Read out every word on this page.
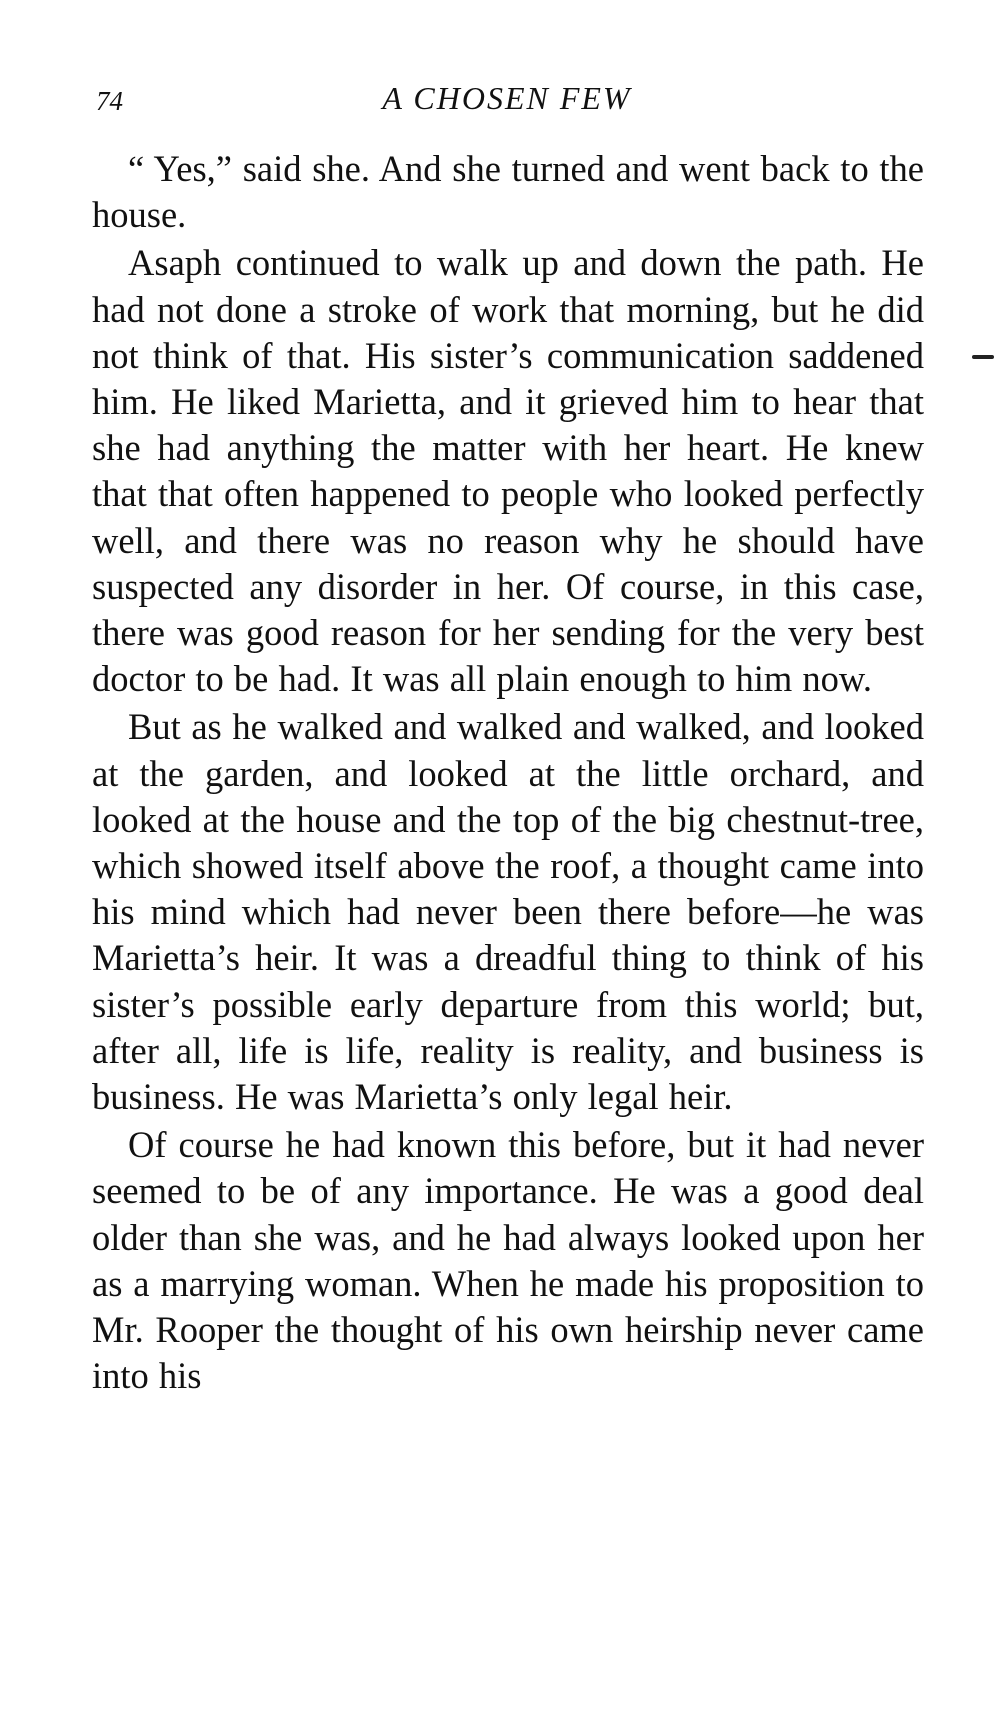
74	A CHOSEN FEW

“ Yes,” said she. And she turned and went back to the house.

Asaph continued to walk up and down the path. He had not done a stroke of work that morning, but he did not think of that. His sister’s communication saddened him. He liked Marietta, and it grieved him to hear that she had anything the matter with her heart. He knew that that often happened to people who looked perfectly well, and there was no reason why he should have suspected any disorder in her. Of course, in this case, there was good reason for her sending for the very best doctor to be had. It was all plain enough to him now.

But as he walked and walked and walked, and looked at the garden, and looked at the little orchard, and looked at the house and the top of the big chestnut-tree, which showed itself above the roof, a thought came into his mind which had never been there before—he was Marietta’s heir. It was a dreadful thing to think of his sister’s possible early departure from this world; but, after all, life is life, reality is reality, and business is business. He was Marietta’s only legal heir.

Of course he had known this before, but it had never seemed to be of any importance. He was a good deal older than she was, and he had always looked upon her as a marrying woman. When he made his proposition to Mr. Rooper the thought of his own heirship never came into his
